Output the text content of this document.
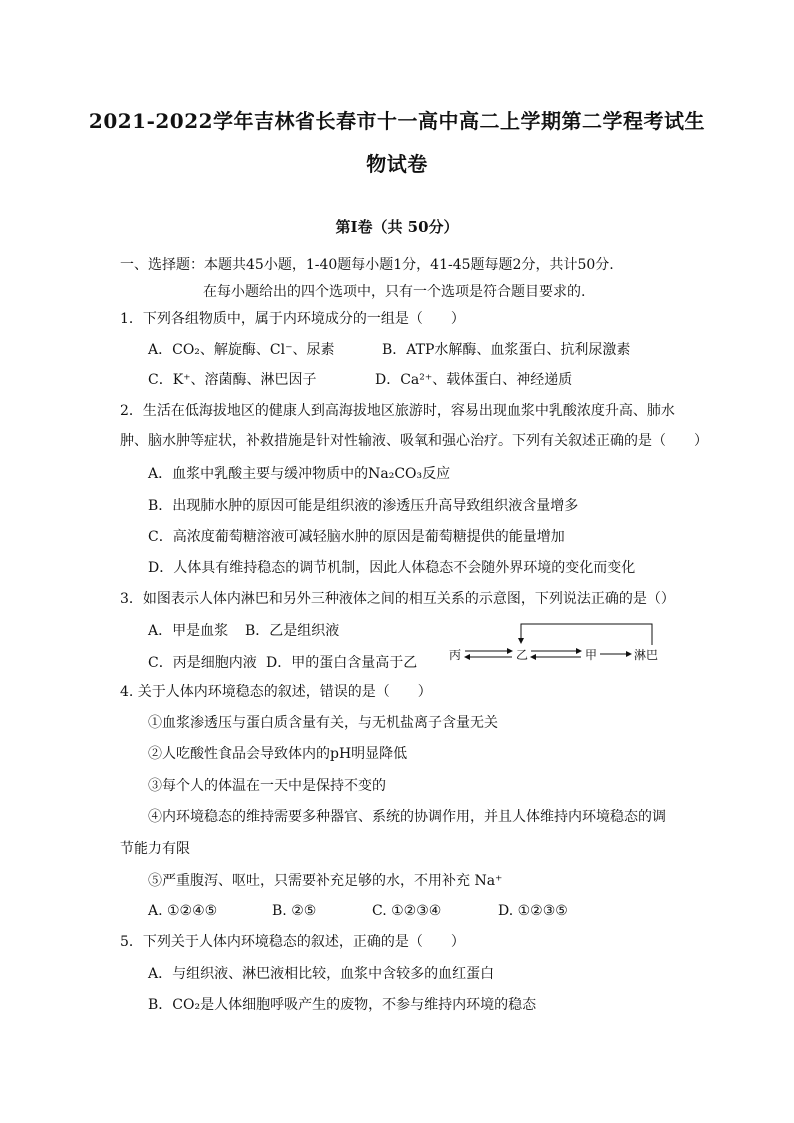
2021-2022学年吉林省长春市十一高中高二上学期第二学程考试生
物试卷
第Ⅰ卷（共 50分）
一、选择题：本题共45小题，1-40题每小题1分，41-45题每题2分，共计50分.
在每小题给出的四个选项中，只有一个选项是符合题目要求的.
1．下列各组物质中，属于内环境成分的一组是（　　）
A．CO₂、解旋酶、Cl⁻、尿素	B．ATP水解酶、血浆蛋白、抗利尿激素
C．K⁺、溶菌酶、淋巴因子	D．Ca²⁺、载体蛋白、神经递质
2．生活在低海拔地区的健康人到高海拔地区旅游时，容易出现血浆中乳酸浓度升高、肺水
肿、脑水肿等症状，补救措施是针对性输液、吸氧和强心治疗。下列有关叙述正确的是（　　）
A．血浆中乳酸主要与缓冲物质中的Na₂CO₃反应
B．出现肺水肿的原因可能是组织液的渗透压升高导致组织液含量增多
C．高浓度葡萄糖溶液可减轻脑水肿的原因是葡萄糖提供的能量增加
D．人体具有维持稳态的调节机制，因此人体稳态不会随外界环境的变化而变化
3．如图表示人体内淋巴和另外三种液体之间的相互关系的示意图，下列说法正确的是（）
A．甲是血浆 B．乙是组织液
C．丙是细胞内液 D．甲的蛋白含量高于乙	丙	乙	甲	淋巴
4. 关于人体内环境稳态的叙述，错误的是（　　）
①血浆渗透压与蛋白质含量有关，与无机盐离子含量无关
②人吃酸性食品会导致体内的pH明显降低
③每个人的体温在一天中是保持不变的
④内环境稳态的维持需要多种器官、系统的协调作用，并且人体维持内环境稳态的调
节能力有限
⑤严重腹泻、呕吐，只需要补充足够的水，不用补充 Na⁺
A. ①②④⑤	B. ②⑤	C. ①②③④	D. ①②③⑤
5．下列关于人体内环境稳态的叙述，正确的是（　　）
A．与组织液、淋巴液相比较，血浆中含较多的血红蛋白
B．CO₂是人体细胞呼吸产生的废物，不参与维持内环境的稳态
